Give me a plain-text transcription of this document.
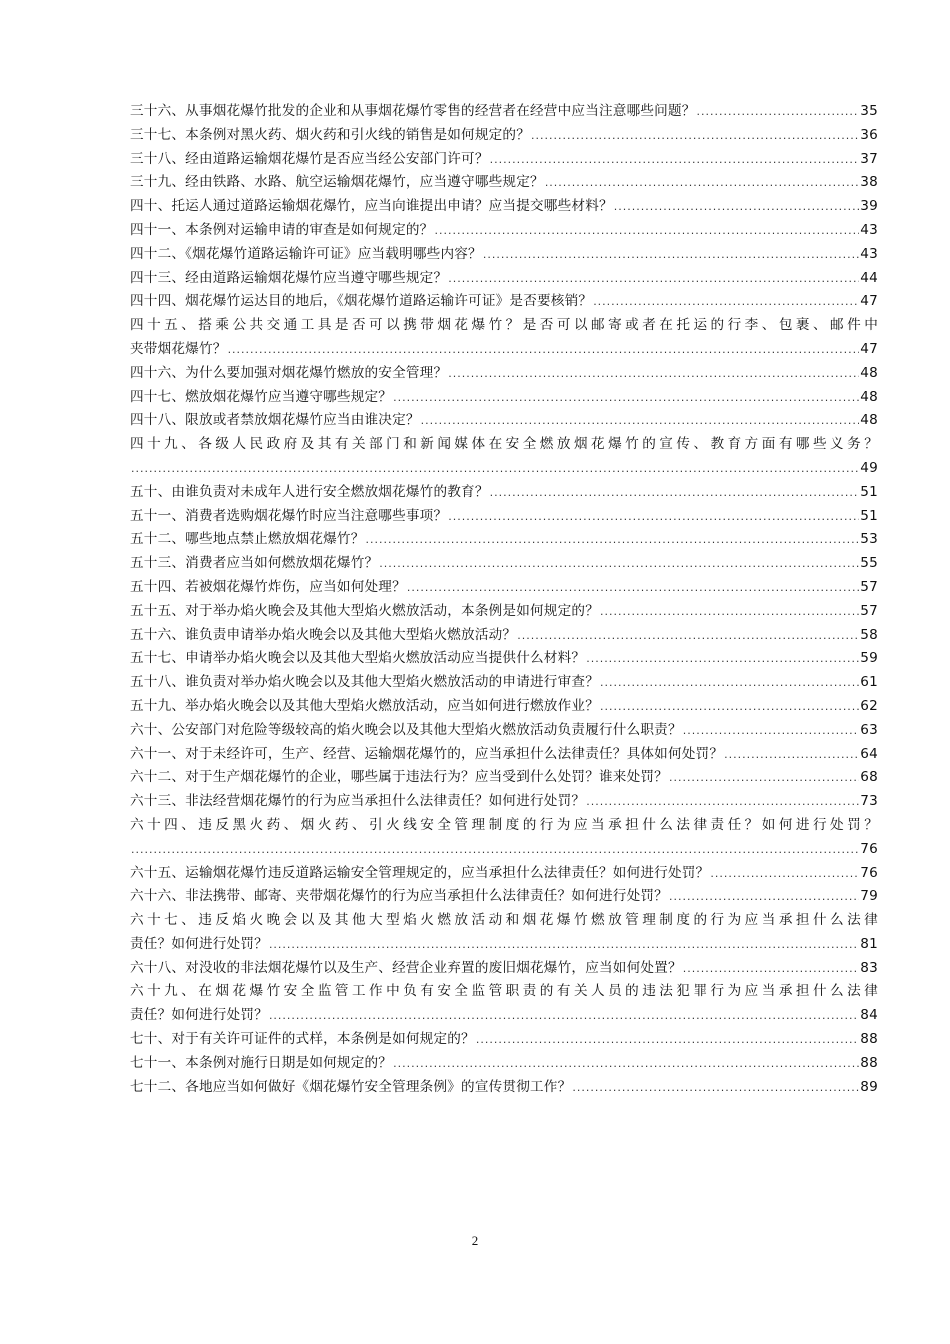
三十六、从事烟花爆竹批发的企业和从事烟花爆竹零售的经营者在经营中应当注意哪些问题？ .....	35
三十七、本条例对黑火药、烟火药和引火线的销售是如何规定的？ .....	36
三十八、经由道路运输烟花爆竹是否应当经公安部门许可？ .....	37
三十九、经由铁路、水路、航空运输烟花爆竹，应当遵守哪些规定？ .....	38
四十、托运人通过道路运输烟花爆竹，应当向谁提出申请？应当提交哪些材料？ .....	39
四十一、本条例对运输申请的审查是如何规定的？ .....	43
四十二、《烟花爆竹道路运输许可证》应当载明哪些内容？ .....	43
四十三、经由道路运输烟花爆竹应当遵守哪些规定？ .....	44
四十四、烟花爆竹运达目的地后，《烟花爆竹道路运输许可证》是否要核销？ .....	47
四十五、搭乘公共交通工具是否可以携带烟花爆竹？是否可以邮寄或者在托运的行李、包裹、邮件中
夹带烟花爆竹？ .....	47
四十六、为什么要加强对烟花爆竹燃放的安全管理？ .....	48
四十七、燃放烟花爆竹应当遵守哪些规定？ .....	48
四十八、限放或者禁放烟花爆竹应当由谁决定？ .....	48
四十九、各级人民政府及其有关部门和新闻媒体在安全燃放烟花爆竹的宣传、教育方面有哪些义务？
.....
49
五十、由谁负责对未成年人进行安全燃放烟花爆竹的教育？ .....	51
五十一、消费者选购烟花爆竹时应当注意哪些事项？ .....	51
五十二、哪些地点禁止燃放烟花爆竹？ .....	53
五十三、消费者应当如何燃放烟花爆竹？ .....	55
五十四、若被烟花爆竹炸伤，应当如何处理？ .....	57
五十五、对于举办焰火晚会及其他大型焰火燃放活动，本条例是如何规定的？ .....	57
五十六、谁负责申请举办焰火晚会以及其他大型焰火燃放活动？ .....	58
五十七、申请举办焰火晚会以及其他大型焰火燃放活动应当提供什么材料？ .....	59
五十八、谁负责对举办焰火晚会以及其他大型焰火燃放活动的申请进行审查？ .....	61
五十九、举办焰火晚会以及其他大型焰火燃放活动，应当如何进行燃放作业？ .....	62
六十、公安部门对危险等级较高的焰火晚会以及其他大型焰火燃放活动负责履行什么职责？ .....	63
六十一、对于未经许可，生产、经营、运输烟花爆竹的，应当承担什么法律责任？具体如何处罚？ .....	64
六十二、对于生产烟花爆竹的企业，哪些属于违法行为？应当受到什么处罚？谁来处罚？ .....	68
六十三、非法经营烟花爆竹的行为应当承担什么法律责任？如何进行处罚？ .....	73
六十四、违反黑火药、烟火药、引火线安全管理制度的行为应当承担什么法律责任？如何进行处罚？
.....
76
六十五、运输烟花爆竹违反道路运输安全管理规定的，应当承担什么法律责任？如何进行处罚？ .....	76
六十六、非法携带、邮寄、夹带烟花爆竹的行为应当承担什么法律责任？如何进行处罚？ .....	79
六十七、违反焰火晚会以及其他大型焰火燃放活动和烟花爆竹燃放管理制度的行为应当承担什么法律
责任？如何进行处罚？ .....	81
六十八、对没收的非法烟花爆竹以及生产、经营企业弃置的废旧烟花爆竹，应当如何处置？ .....	83
六十九、在烟花爆竹安全监管工作中负有安全监管职责的有关人员的违法犯罪行为应当承担什么法律
责任？如何进行处罚？ .....	84
七十、对于有关许可证件的式样，本条例是如何规定的？ .....	88
七十一、本条例对施行日期是如何规定的？ .....	88
七十二、各地应当如何做好《烟花爆竹安全管理条例》的宣传贯彻工作？ .....	89
2
